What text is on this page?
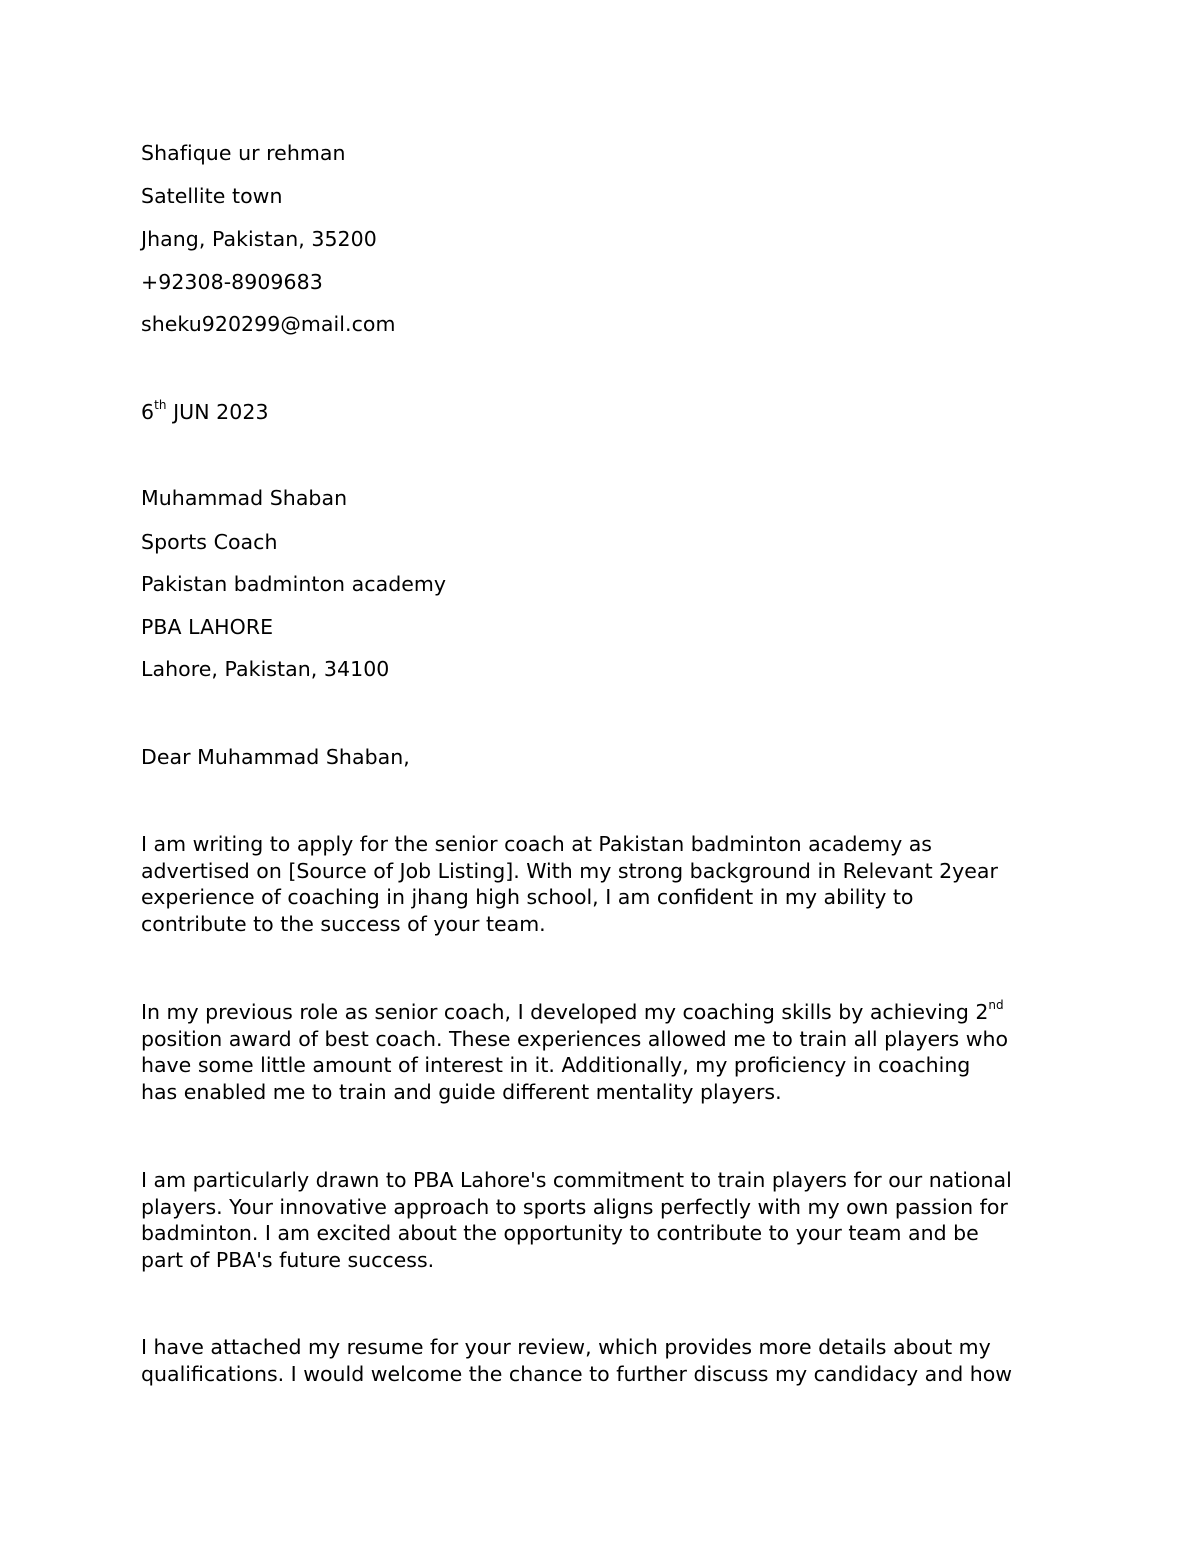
Shafique ur rehman
Satellite town
Jhang, Pakistan, 35200
+92308-8909683
sheku920299@mail.com
6th JUN 2023
Muhammad Shaban
Sports Coach
Pakistan badminton academy
PBA LAHORE
Lahore, Pakistan, 34100
Dear Muhammad Shaban,
I am writing to apply for the senior coach at Pakistan badminton academy as
advertised on [Source of Job Listing]. With my strong background in Relevant 2year
experience of coaching in jhang high school, I am confident in my ability to
contribute to the success of your team.
In my previous role as senior coach, I developed my coaching skills by achieving 2nd
position award of best coach. These experiences allowed me to train all players who
have some little amount of interest in it. Additionally, my proficiency in coaching
has enabled me to train and guide different mentality players.
I am particularly drawn to PBA Lahore's commitment to train players for our national
players. Your innovative approach to sports aligns perfectly with my own passion for
badminton. I am excited about the opportunity to contribute to your team and be
part of PBA's future success.
I have attached my resume for your review, which provides more details about my
qualifications. I would welcome the chance to further discuss my candidacy and how
